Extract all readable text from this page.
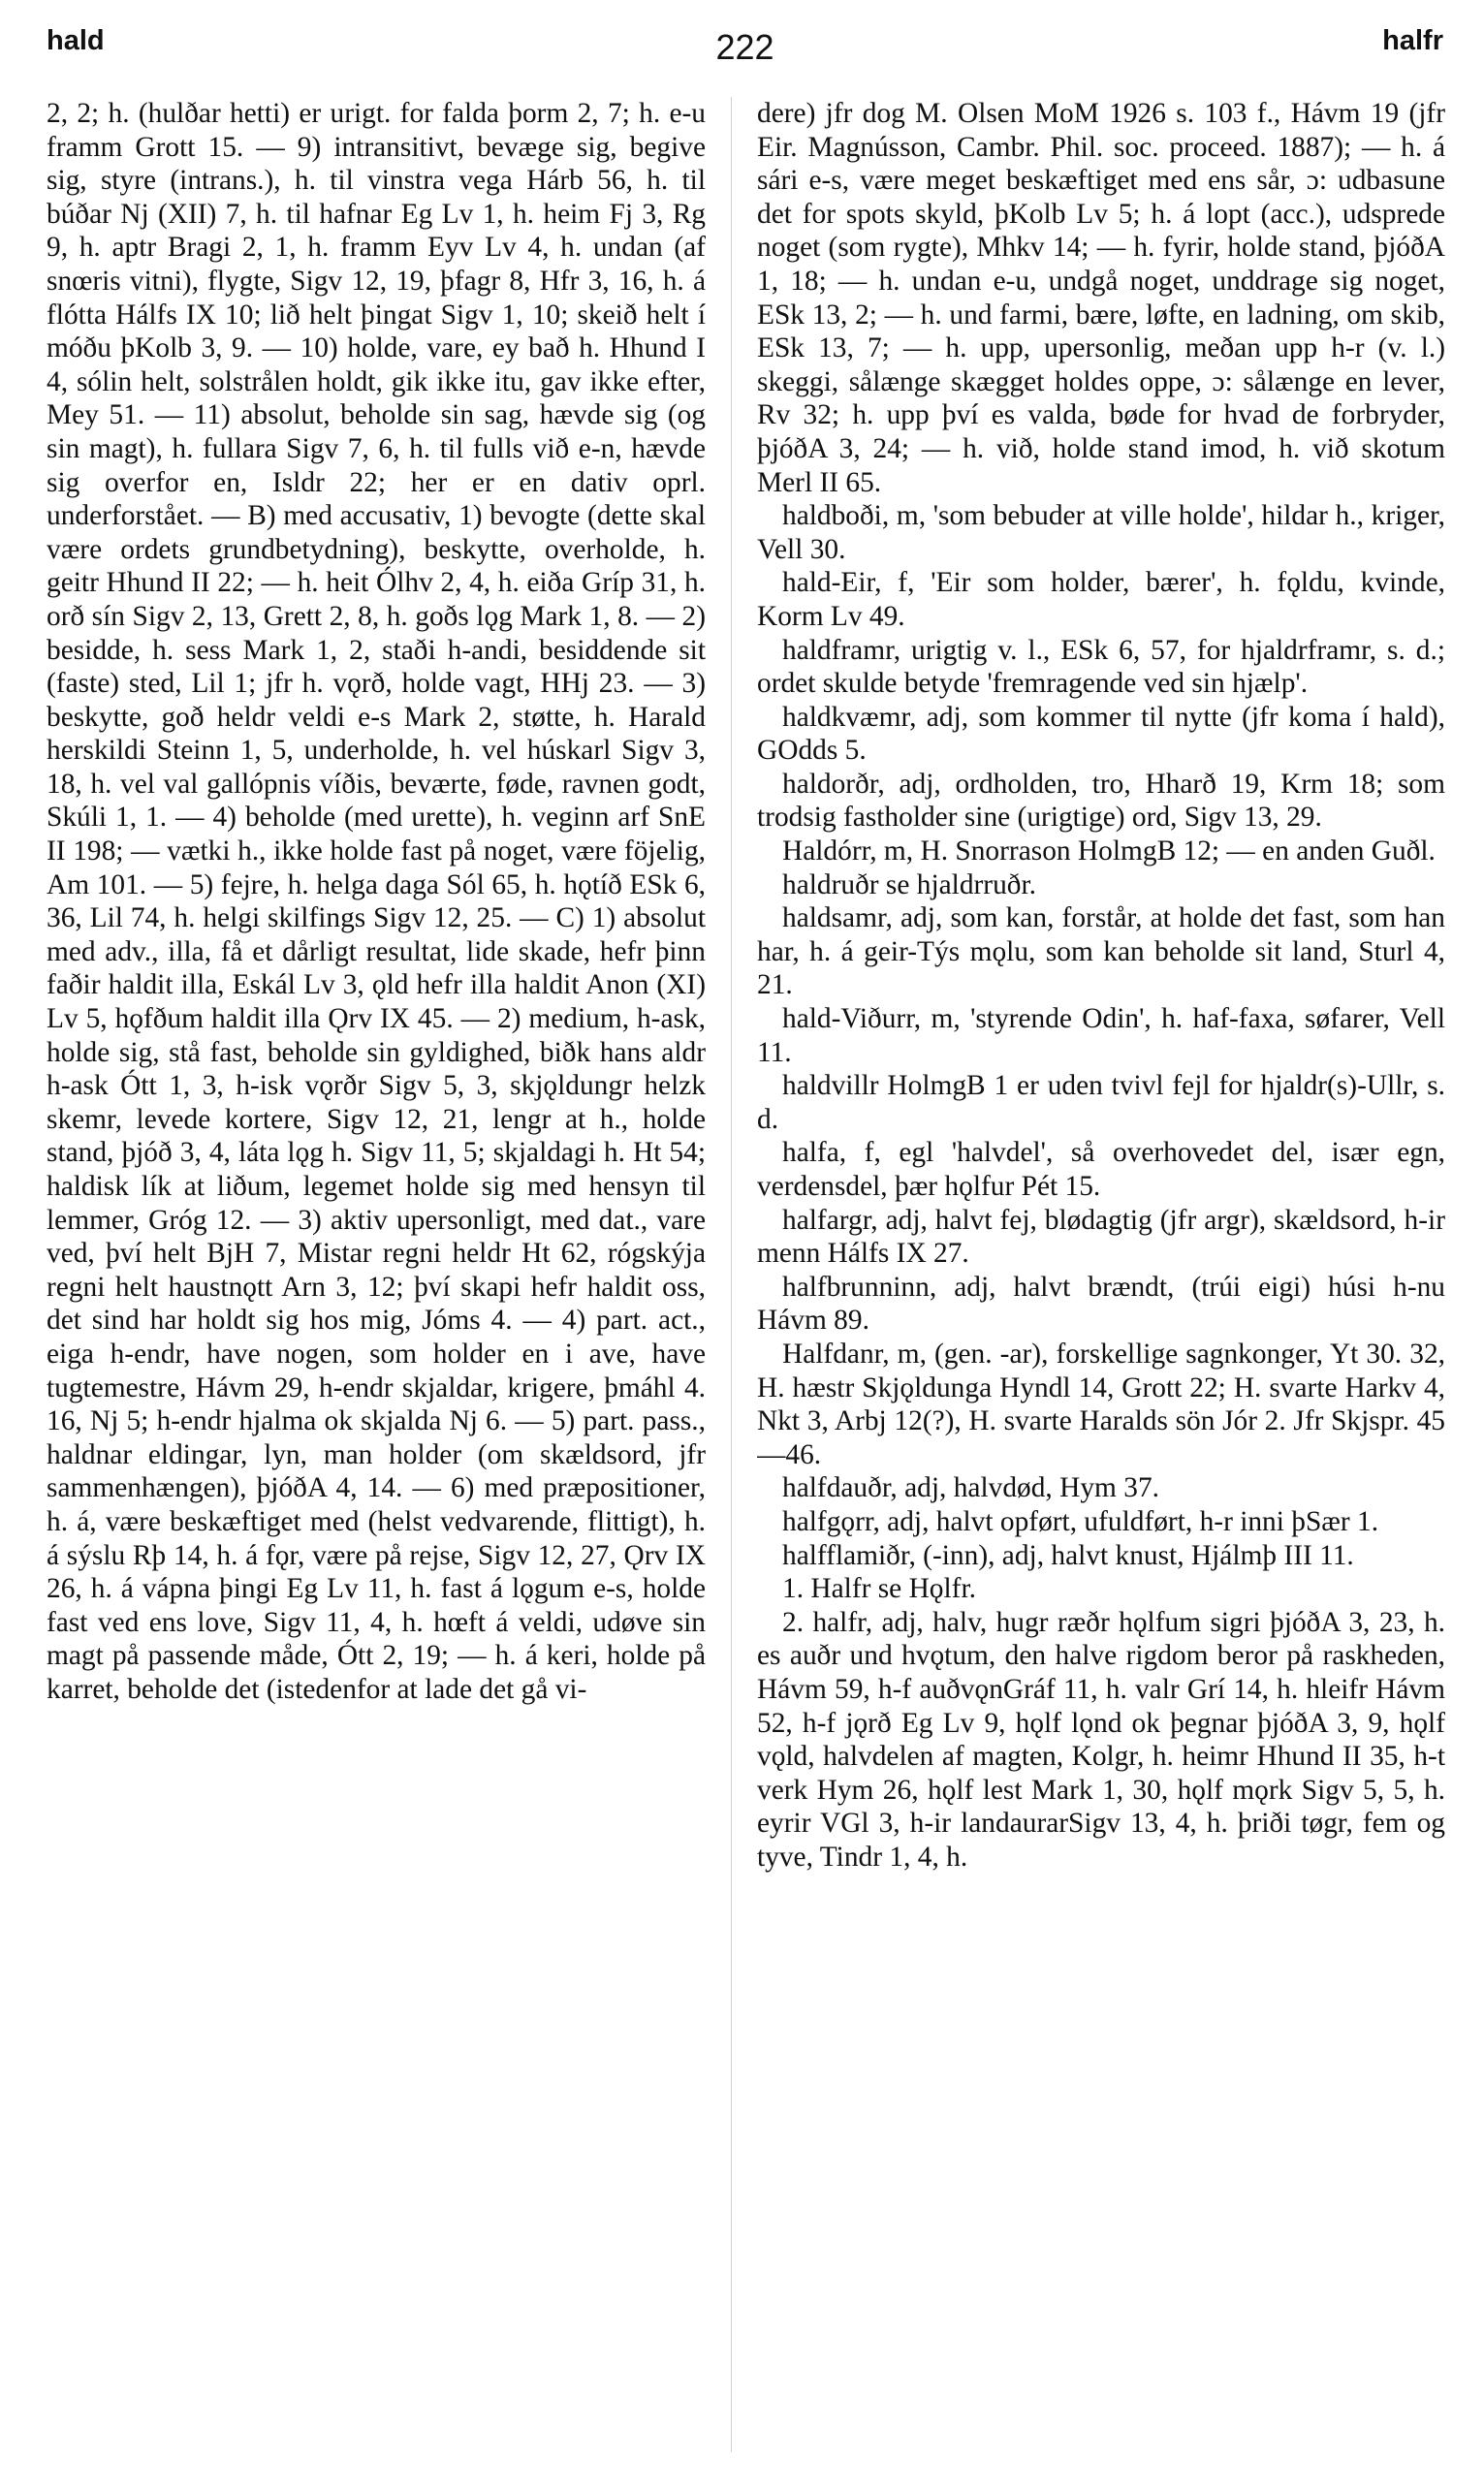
hald	222	halfr

2, 2; h. (hulðar hetti) er urigt. for falda þorm 2, 7; h. e-u framm Grott 15. — 9) intransitivt, bevæge sig, begive sig, styre (intrans.), h. til vinstra vega Hárb 56, h. til búðar Nj (XII) 7, h. til hafnar Eg Lv 1, h. heim Fj 3, Rg 9, h. aptr Bragi 2, 1, h. framm Eyv Lv 4, h. undan (af snœris vitni), flygte, Sigv 12, 19, þfagr 8, Hfr 3, 16, h. á flótta Hálfs IX 10; lið helt þingat Sigv 1, 10; skeið helt í móðu þKolb 3, 9. — 10) holde, vare, ey bað h. Hhund I 4, sólin helt, solstrålen holdt, gik ikke itu, gav ikke efter, Mey 51. — 11) absolut, beholde sin sag, hævde sig (og sin magt), h. fullara Sigv 7, 6, h. til fulls við e-n, hævde sig overfor en, Isldr 22; her er en dativ oprl. underforstået. — B) med accusativ, 1) bevogte (dette skal være ordets grundbetydning), beskytte, overholde, h. geitr Hhund II 22; — h. heit Ólhv 2, 4, h. eiða Gríp 31, h. orð sín Sigv 2, 13, Grett 2, 8, h. goðs lǫg Mark 1, 8. — 2) besidde, h. sess Mark 1, 2, staði h-andi, besiddende sit (faste) sted, Lil 1; jfr h. vǫrð, holde vagt, HHj 23. — 3) beskytte, goð heldr veldi e-s Mark 2, støtte, h. Harald herskildi Steinn 1, 5, underholde, h. vel húskarl Sigv 3, 18, h. vel val gallópnis víðis, beværte, føde, ravnen godt, Skúli 1, 1. — 4) beholde (med urette), h. veginn arf SnE II 198; — vætki h., ikke holde fast på noget, være föjelig, Am 101. — 5) fejre, h. helga daga Sól 65, h. hǫtíð ESk 6, 36, Lil 74, h. helgi skilfings Sigv 12, 25. — C) 1) absolut med adv., illa, få et dårligt resultat, lide skade, hefr þinn faðir haldit illa, Eskál Lv 3, ǫld hefr illa haldit Anon (XI) Lv 5, hǫfðum haldit illa Ǫrv IX 45. — 2) medium, h-ask, holde sig, stå fast, beholde sin gyldighed, biðk hans aldr h-ask Ótt 1, 3, h-isk vǫrðr Sigv 5, 3, skjǫldungr helzk skemr, levede kortere, Sigv 12, 21, lengr at h., holde stand, þjóð 3, 4, láta lǫg h. Sigv 11, 5; skjaldagi h. Ht 54; haldisk lík at liðum, legemet holde sig med hensyn til lemmer, Gróg 12. — 3) aktiv upersonligt, med dat., vare ved, því helt BjH 7, Mistar regni heldr Ht 62, rógskýja regni helt haustnǫtt Arn 3, 12; því skapi hefr haldit oss, det sind har holdt sig hos mig, Jóms 4. — 4) part. act., eiga h-endr, have nogen, som holder en i ave, have tugtemestre, Hávm 29, h-endr skjaldar, krigere, þmáhl 4. 16, Nj 5; h-endr hjalma ok skjalda Nj 6. — 5) part. pass., haldnar eldingar, lyn, man holder (om skældsord, jfr sammenhængen), þjóðA 4, 14. — 6) med præpositioner, h. á, være beskæftiget med (helst vedvarende, flittigt), h. á sýslu Rþ 14, h. á fǫr, være på rejse, Sigv 12, 27, Ǫrv IX 26, h. á vápna þingi Eg Lv 11, h. fast á lǫgum e-s, holde fast ved ens love, Sigv 11, 4, h. hœft á veldi, udøve sin magt på passende måde, Ótt 2, 19; — h. á keri, holde på karret, beholde det (istedenfor at lade det gå vi-

dere) jfr dog M. Olsen MoM 1926 s. 103 f., Hávm 19 (jfr Eir. Magnússon, Cambr. Phil. soc. proceed. 1887); — h. á sári e-s, være meget beskæftiget med ens sår, ɔ: udbasune det for spots skyld, þKolb Lv 5; h. á lopt (acc.), udsprede noget (som rygte), Mhkv 14; — h. fyrir, holde stand, þjóðA 1, 18; — h. undan e-u, undgå noget, unddrage sig noget, ESk 13, 2; — h. und farmi, bære, løfte, en ladning, om skib, ESk 13, 7; — h. upp, upersonlig, meðan upp h-r (v. l.) skeggi, sålænge skægget holdes oppe, ɔ: sålænge en lever, Rv 32; h. upp því es valda, bøde for hvad de forbryder, þjóðA 3, 24; — h. við, holde stand imod, h. við skotum Merl II 65.

haldboði, m, 'som bebuder at ville holde', hildar h., kriger, Vell 30.

hald-Eir, f, 'Eir som holder, bærer', h. fǫldu, kvinde, Korm Lv 49.

haldframr, urigtig v. l., ESk 6, 57, for hjaldrframr, s. d.; ordet skulde betyde 'fremragende ved sin hjælp'.

haldkvæmr, adj, som kommer til nytte (jfr koma í hald), GOdds 5.

haldorðr, adj, ordholden, tro, Hharð 19, Krm 18; som trodsig fastholder sine (urigtige) ord, Sigv 13, 29.

Haldórr, m, H. Snorrason HolmgB 12; — en anden Guðl.

haldruðr se hjaldrruðr.

haldsamr, adj, som kan, forstår, at holde det fast, som han har, h. á geir-Týs mǫlu, som kan beholde sit land, Sturl 4, 21.

hald-Viðurr, m, 'styrende Odin', h. haf-faxa, søfarer, Vell 11.

haldvillr HolmgB 1 er uden tvivl fejl for hjaldr(s)-Ullr, s. d.

halfa, f, egl 'halvdel', så overhovedet del, især egn, verdensdel, þær hǫlfur Pét 15.

halfargr, adj, halvt fej, blødagtig (jfr argr), skældsord, h-ir menn Hálfs IX 27.

halfbrunninn, adj, halvt brændt, (trúi eigi) húsi h-nu Hávm 89.

Halfdanr, m, (gen. -ar), forskellige sagnkonger, Yt 30. 32, H. hæstr Skjǫldunga Hyndl 14, Grott 22; H. svarte Harkv 4, Nkt 3, Arbj 12(?), H. svarte Haralds sön Jór 2. Jfr Skjspr. 45—46.

halfdauðr, adj, halvdød, Hym 37.

halfgǫrr, adj, halvt opført, ufuldført, h-r inni þSær 1.

halfflamiðr, (-inn), adj, halvt knust, Hjálmþ III 11.

1. Halfr se Hǫlfr.

2. halfr, adj, halv, hugr ræðr hǫlfum sigri þjóðA 3, 23, h. es auðr und hvǫtum, den halve rigdom beror på raskheden, Hávm 59, h-f auðvǫnGráf 11, h. valr Grí 14, h. hleifr Hávm 52, h-f jǫrð Eg Lv 9, hǫlf lǫnd ok þegnar þjóðA 3, 9, hǫlf vǫld, halvdelen af magten, Kolgr, h. heimr Hhund II 35, h-t verk Hym 26, hǫlf lest Mark 1, 30, hǫlf mǫrk Sigv 5, 5, h. eyrir VGl 3, h-ir landaurarSigv 13, 4, h. þriði tøgr, fem og tyve, Tindr 1, 4, h.
